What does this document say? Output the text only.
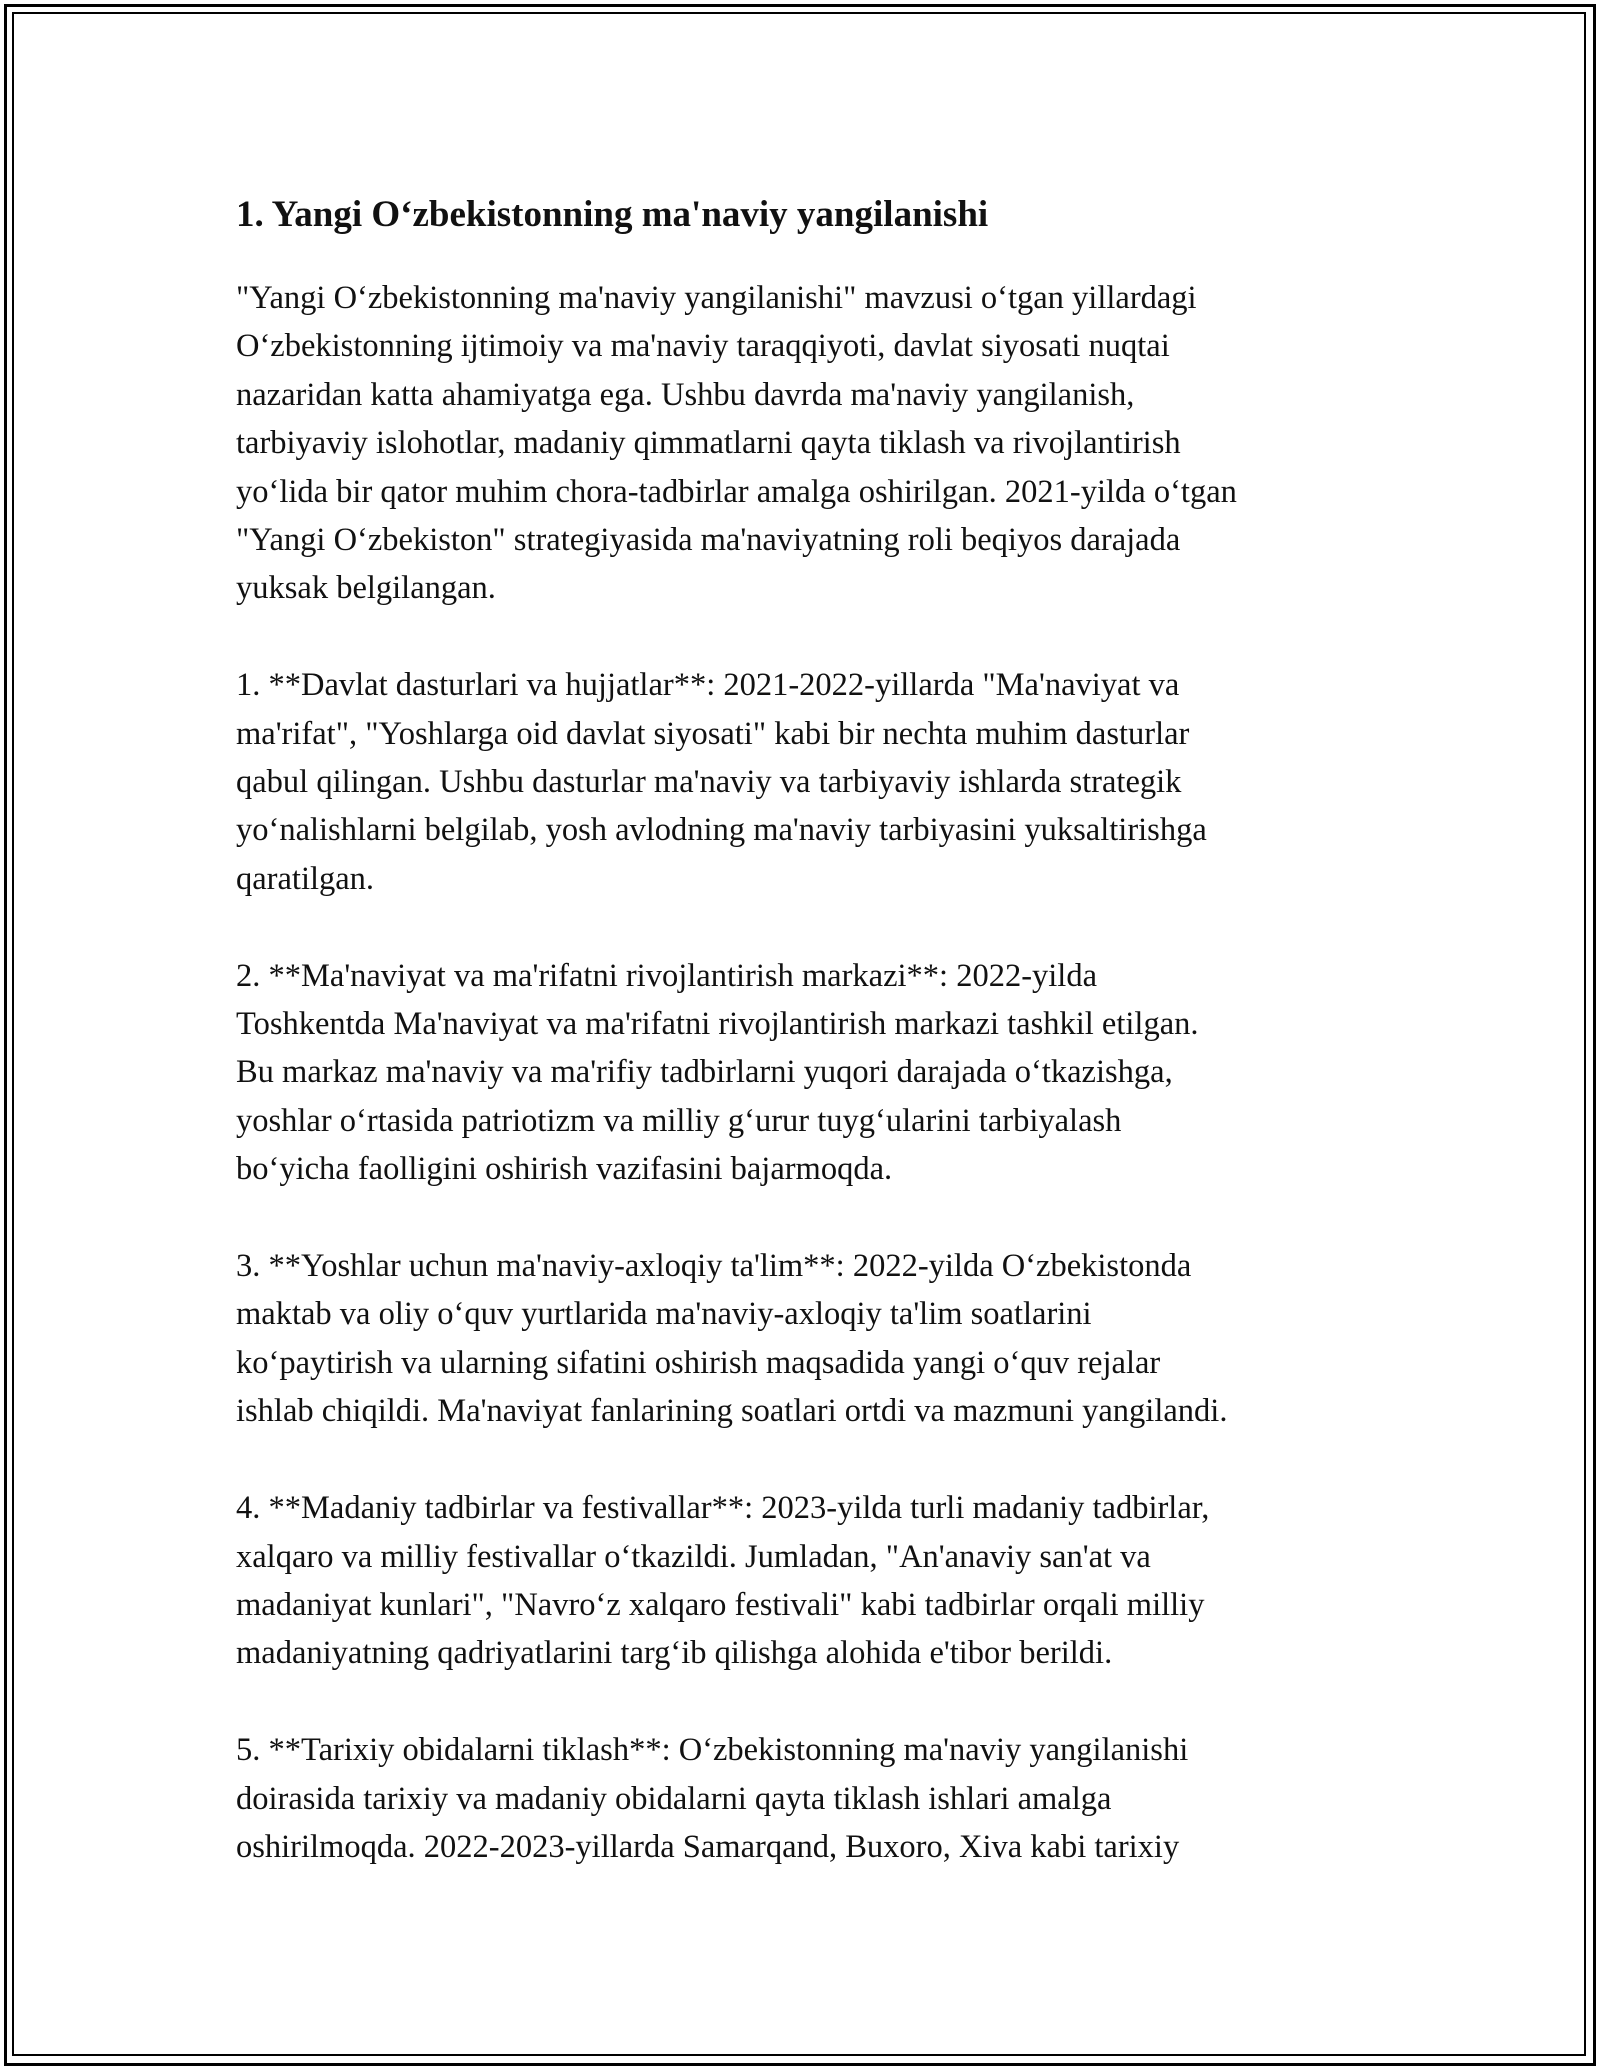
1. Yangi O‘zbekistonning ma'naviy yangilanishi

"Yangi O‘zbekistonning ma'naviy yangilanishi" mavzusi o‘tgan yillardagi
O‘zbekistonning ijtimoiy va ma'naviy taraqqiyoti, davlat siyosati nuqtai
nazaridan katta ahamiyatga ega. Ushbu davrda ma'naviy yangilanish,
tarbiyaviy islohotlar, madaniy qimmatlarni qayta tiklash va rivojlantirish
yo‘lida bir qator muhim chora-tadbirlar amalga oshirilgan. 2021-yilda o‘tgan
"Yangi O‘zbekiston" strategiyasida ma'naviyatning roli beqiyos darajada
yuksak belgilangan.

1. **Davlat dasturlari va hujjatlar**: 2021-2022-yillarda "Ma'naviyat va
ma'rifat", "Yoshlarga oid davlat siyosati" kabi bir nechta muhim dasturlar
qabul qilingan. Ushbu dasturlar ma'naviy va tarbiyaviy ishlarda strategik
yo‘nalishlarni belgilab, yosh avlodning ma'naviy tarbiyasini yuksaltirishga
qaratilgan.

2. **Ma'naviyat va ma'rifatni rivojlantirish markazi**: 2022-yilda
Toshkentda Ma'naviyat va ma'rifatni rivojlantirish markazi tashkil etilgan.
Bu markaz ma'naviy va ma'rifiy tadbirlarni yuqori darajada o‘tkazishga,
yoshlar o‘rtasida patriotizm va milliy g‘urur tuyg‘ularini tarbiyalash
bo‘yicha faolligini oshirish vazifasini bajarmoqda.

3. **Yoshlar uchun ma'naviy-axloqiy ta'lim**: 2022-yilda O‘zbekistonda
maktab va oliy o‘quv yurtlarida ma'naviy-axloqiy ta'lim soatlarini
ko‘paytirish va ularning sifatini oshirish maqsadida yangi o‘quv rejalar
ishlab chiqildi. Ma'naviyat fanlarining soatlari ortdi va mazmuni yangilandi.

4. **Madaniy tadbirlar va festivallar**: 2023-yilda turli madaniy tadbirlar,
xalqaro va milliy festivallar o‘tkazildi. Jumladan, "An'anaviy san'at va
madaniyat kunlari", "Navro‘z xalqaro festivali" kabi tadbirlar orqali milliy
madaniyatning qadriyatlarini targ‘ib qilishga alohida e'tibor berildi.

5. **Tarixiy obidalarni tiklash**: O‘zbekistonning ma'naviy yangilanishi
doirasida tarixiy va madaniy obidalarni qayta tiklash ishlari amalga
oshirilmoqda. 2022-2023-yillarda Samarqand, Buxoro, Xiva kabi tarixiy
